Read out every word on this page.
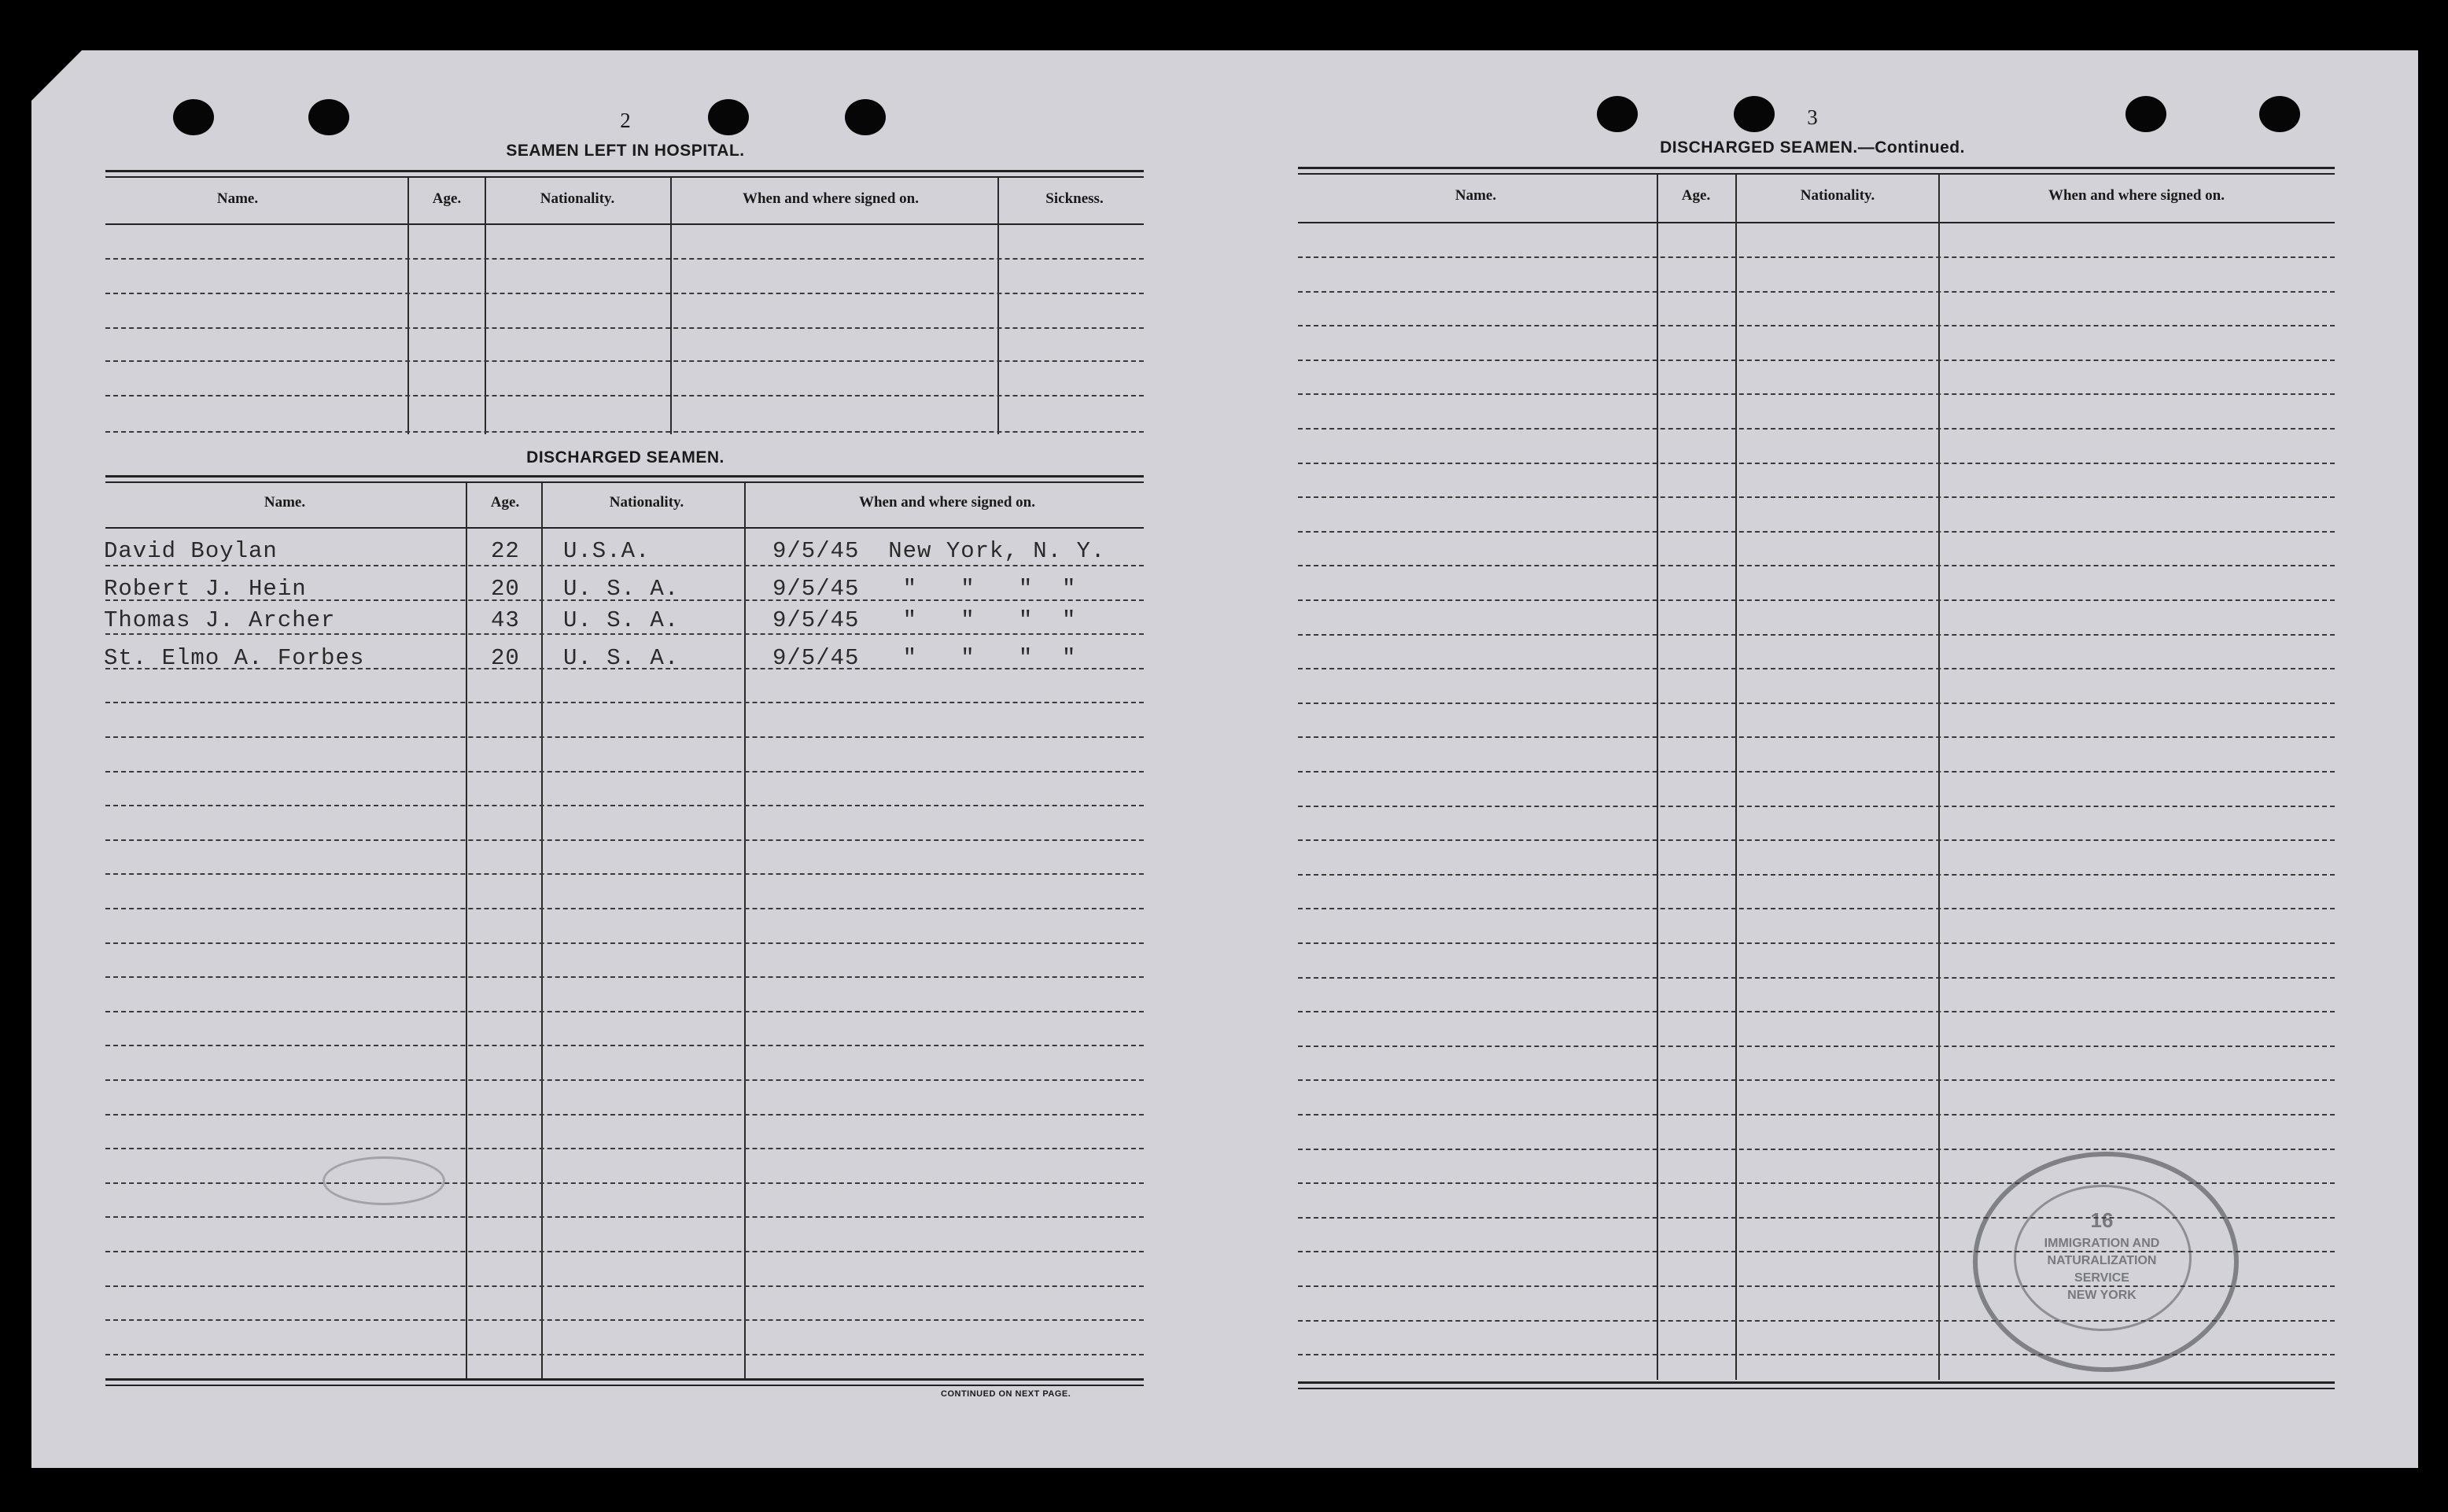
2
SEAMEN LEFT IN HOSPITAL.
Name.	Age.	Nationality.	When and where signed on.	Sickness.
DISCHARGED SEAMEN.
Name.	Age.	Nationality.	When and where signed on.
David Boylan	22 U.S.A.	9/5/45  New York, N. Y.
Robert J. Hein	20 U. S. A.	9/5/45   "   "   "  "
Thomas J. Archer	43 U. S. A.	9/5/45   "   "   "  "
St. Elmo A. Forbes	20 U. S. A.	9/5/45   "   "   "  "
CONTINUED ON NEXT PAGE.
3
DISCHARGED SEAMEN.—Continued.
Name.	Age.	Nationality.	When and where signed on.
16
IMMIGRATION AND
NATURALIZATION
SERVICE
NEW YORK
